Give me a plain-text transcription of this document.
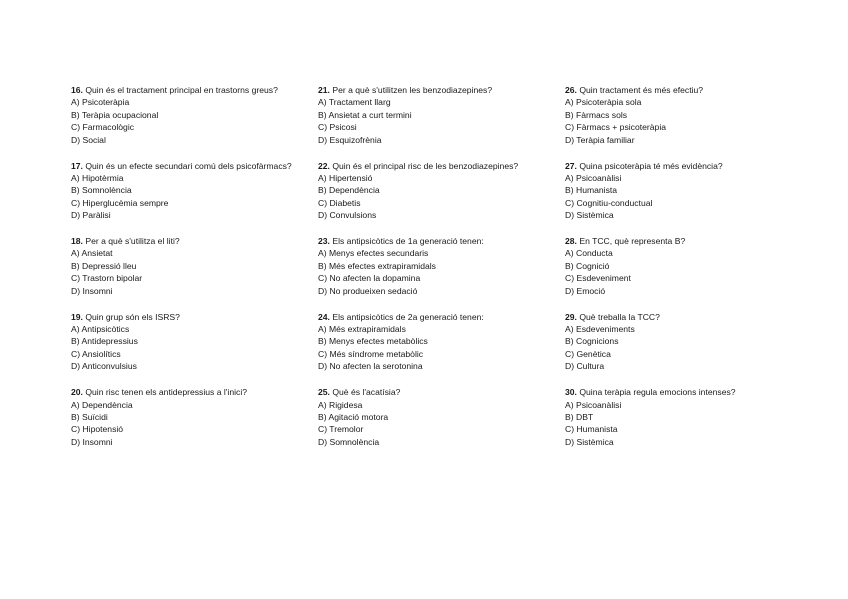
16. Quin és el tractament principal en trastorns greus?

A) Psicoteràpia

B) Teràpia ocupacional

C) Farmacològic

D) Social

17. Quin és un efecte secundari comú dels psicofàrmacs?

A) Hipotèrmia

B) Somnolència

C) Hiperglucèmia sempre

D) Paràlisi

18. Per a què s'utilitza el liti?

A) Ansietat

B) Depressió lleu

C) Trastorn bipolar

D) Insomni

19. Quin grup són els ISRS?

A) Antipsicòtics

B) Antidepressius

C) Ansiolítics

D) Anticonvulsius

20. Quin risc tenen els antidepressius a l'inici?

A) Dependència

B) Suïcidi

C) Hipotensió

D) Insomni

21. Per a què s'utilitzen les benzodiazepines?

A) Tractament llarg

B) Ansietat a curt termini

C) Psicosi

D) Esquizofrènia

22. Quin és el principal risc de les benzodiazepines?

A) Hipertensió

B) Dependència

C) Diabetis

D) Convulsions

23. Els antipsicòtics de 1a generació tenen:

A) Menys efectes secundaris

B) Més efectes extrapiramidals

C) No afecten la dopamina

D) No produeixen sedació

24. Els antipsicòtics de 2a generació tenen:

A) Més extrapiramidals

B) Menys efectes metabòlics

C) Més síndrome metabòlic

D) No afecten la serotonina

25. Què és l'acatísia?

A) Rigidesa

B) Agitació motora

C) Tremolor

D) Somnolència

26. Quin tractament és més efectiu?

A) Psicoteràpia sola

B) Fàrmacs sols

C) Fàrmacs + psicoteràpia

D) Teràpia familiar

27. Quina psicoteràpia té més evidència?

A) Psicoanàlisi

B) Humanista

C) Cognitiu-conductual

D) Sistèmica

28. En TCC, què representa B?

A) Conducta

B) Cognició

C) Esdeveniment

D) Emoció

29. Què treballa la TCC?

A) Esdeveniments

B) Cognicions

C) Genètica

D) Cultura

30. Quina teràpia regula emocions intenses?

A) Psicoanàlisi

B) DBT

C) Humanista

D) Sistèmica
